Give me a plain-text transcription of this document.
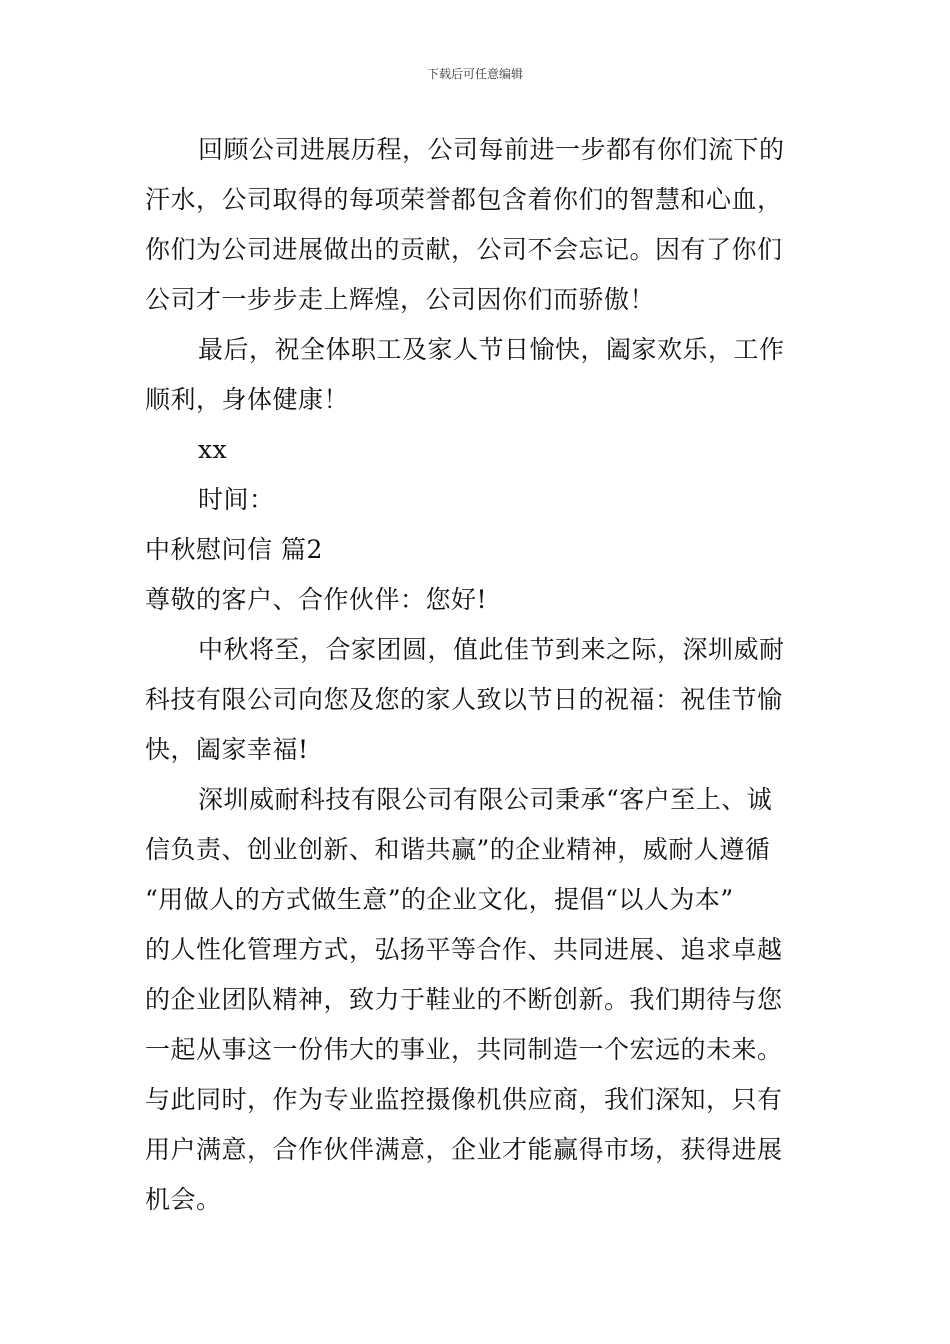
下载后可任意编辑
回顾公司进展历程，公司每前进一步都有你们流下的
汗水，公司取得的每项荣誉都包含着你们的智慧和心血，
你们为公司进展做出的贡献，公司不会忘记。因有了你们
公司才一步步走上辉煌，公司因你们而骄傲！
最后，祝全体职工及家人节日愉快，阖家欢乐，工作
顺利，身体健康！
xx
时间：
中秋慰问信 篇2
尊敬的客户、合作伙伴：您好!
中秋将至，合家团圆，值此佳节到来之际，深圳威耐
科技有限公司向您及您的家人致以节日的祝福：祝佳节愉
快，阖家幸福!
深圳威耐科技有限公司有限公司秉承“客户至上、诚
信负责、创业创新、和谐共赢”的企业精神，威耐人遵循
“用做人的方式做生意”的企业文化，提倡“以人为本”
的人性化管理方式，弘扬平等合作、共同进展、追求卓越
的企业团队精神，致力于鞋业的不断创新。我们期待与您
一起从事这一份伟大的事业，共同制造一个宏远的未来。
与此同时，作为专业监控摄像机供应商，我们深知，只有
用户满意，合作伙伴满意，企业才能赢得市场，获得进展
机会。
